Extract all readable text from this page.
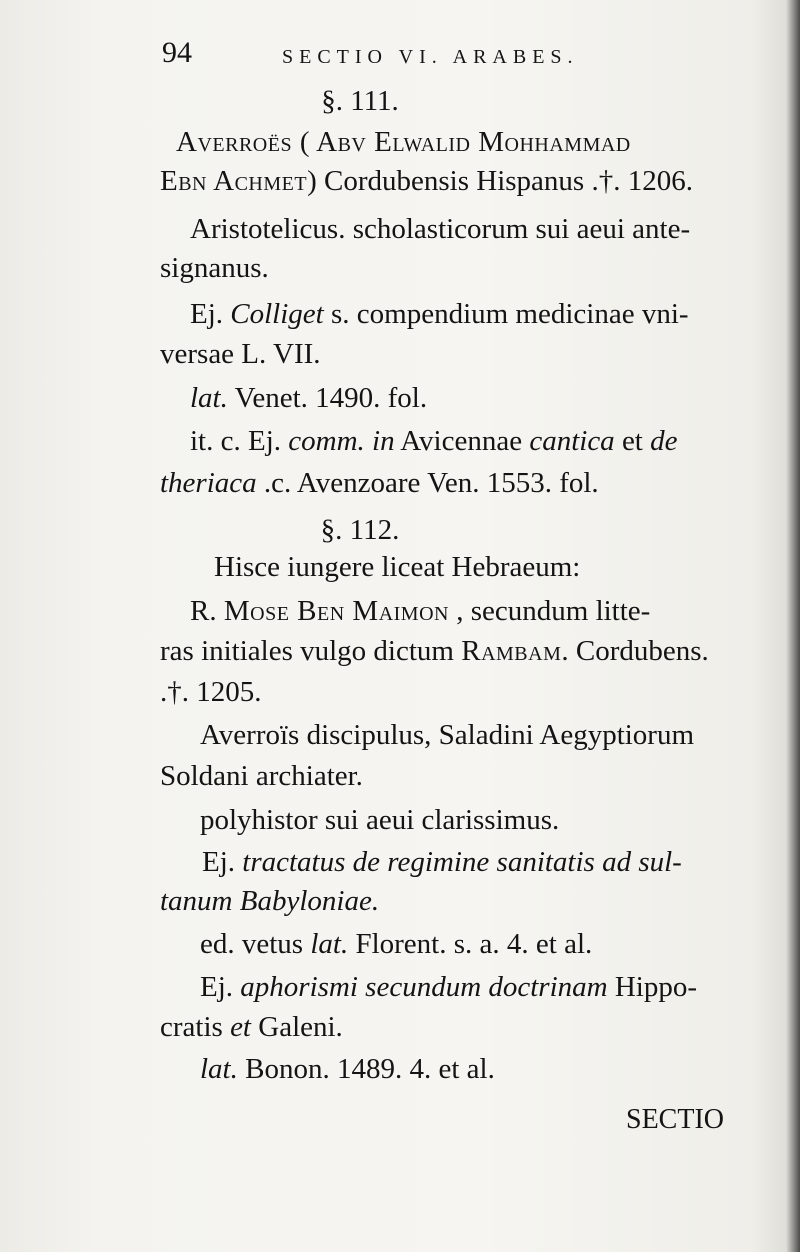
94	SECTIO VI. ARABES.
§. 111.
Averroës ( Abv Elwalid Mohhammad
Ebn Achmet) Cordubensis Hispanus .†. 1206.
Aristotelicus. scholasticorum sui aeui ante-
signanus.
Ej. Colliget s. compendium medicinae vni-
versae L. VII.
lat. Venet. 1490. fol.
it. c. Ej. comm. in Avicennae cantica et de
theriaca .c. Avenzoare Ven. 1553. fol.
§. 112.
Hisce iungere liceat Hebraeum:
R. Mose Ben Maimon , secundum litte-
ras initiales vulgo dictum Rambam. Cordubens.
.†. 1205.
Averroïs discipulus, Saladini Aegyptiorum
Soldani archiater.
polyhistor sui aeui clarissimus.
Ej. tractatus de regimine sanitatis ad sul-
tanum Babyloniae.
ed. vetus lat. Florent. s. a. 4. et al.
Ej. aphorismi secundum doctrinam Hippo-
cratis et Galeni.
lat. Bonon. 1489. 4. et al.
SECTIO
